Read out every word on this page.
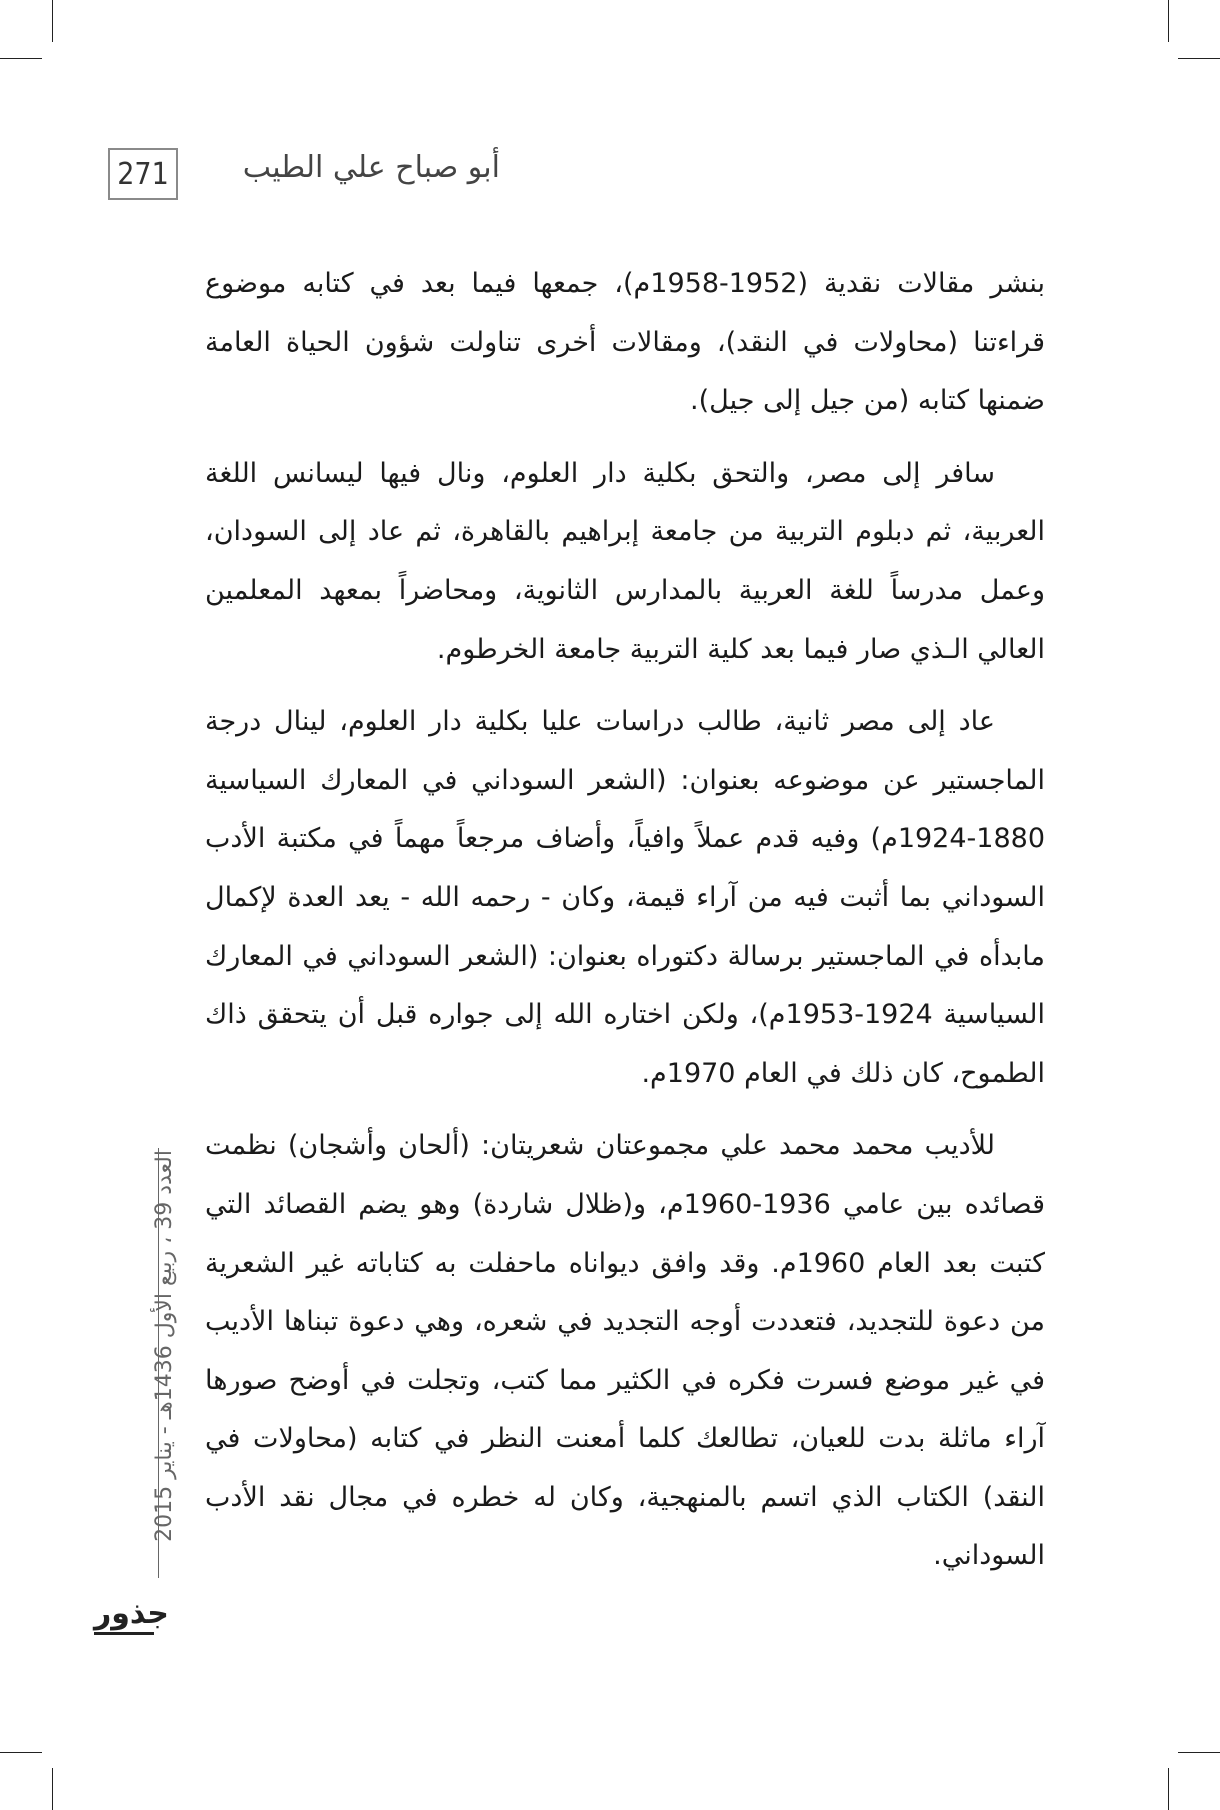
271	أبو صباح علي الطيب

بنشر مقالات نقدية (1952-1958م)، جمعها فيما بعد في كتابه موضوع قراءتنا (محاولات في النقد)، ومقالات أخرى تناولت شؤون الحياة العامة ضمنها كتابه (من جيل إلى جيل).

سافر إلى مصر، والتحق بكلية دار العلوم، ونال فيها ليسانس اللغة العربية، ثم دبلوم التربية من جامعة إبراهيم بالقاهرة، ثم عاد إلى السودان، وعمل مدرساً للغة العربية بالمدارس الثانوية، ومحاضراً بمعهد المعلمين العالي الـذي صار فيما بعد كلية التربية جامعة الخرطوم.

عاد إلى مصر ثانية، طالب دراسات عليا بكلية دار العلوم، لينال درجة الماجستير عن موضوعه بعنوان: (الشعر السوداني في المعارك السياسية 1880-1924م) وفيه قدم عملاً وافياً، وأضاف مرجعاً مهماً في مكتبة الأدب السوداني بما أثبت فيه من آراء قيمة، وكان - رحمه الله - يعد العدة لإكمال مابدأه في الماجستير برسالة دكتوراه بعنوان: (الشعر السوداني في المعارك السياسية 1924-1953م)، ولكن اختاره الله إلى جواره قبل أن يتحقق ذاك الطموح، كان ذلك في العام 1970م.

للأديب محمد محمد علي مجموعتان شعريتان: (ألحان وأشجان) نظمت قصائده بين عامي 1936-1960م، و(ظلال شاردة) وهو يضم القصائد التي كتبت بعد العام 1960م. وقد وافق ديواناه ماحفلت به كتاباته غير الشعرية من دعوة للتجديد، فتعددت أوجه التجديد في شعره، وهي دعوة تبناها الأديب في غير موضع فسرت فكره في الكثير مما كتب، وتجلت في أوضح صورها آراء ماثلة بدت للعيان، تطالعك كلما أمعنت النظر في كتابه (محاولات في النقد) الكتاب الذي اتسم بالمنهجية، وكان له خطره في مجال نقد الأدب السوداني.

العدد 39 ، ربيع الأول 1436هـ - يناير 2015
جذور
